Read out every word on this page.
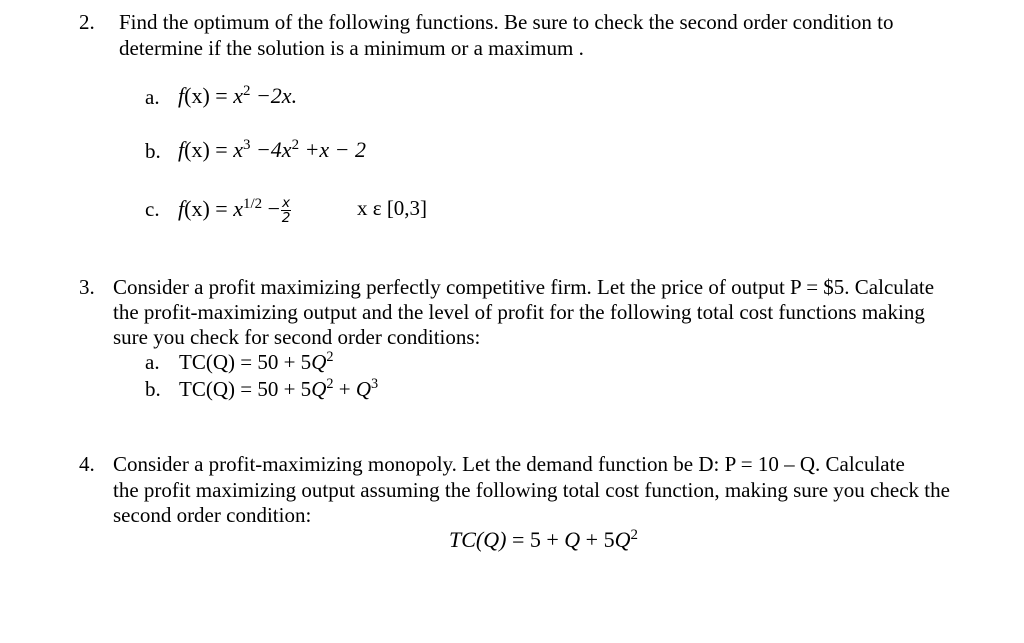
2. Find the optimum of the following functions. Be sure to check the second order condition to
determine if the solution is a minimum or a maximum .
a. $f(x) = x^2 -2x$.
b. $f(x) = x^3 -4x^2 +x - 2$
c. $f(x) = x^{1/2} - \frac{x}{2}$	x ε [0,3]
3. Consider a profit maximizing perfectly competitive firm. Let the price of output P = $5. Calculate
the profit-maximizing output and the level of profit for the following total cost functions making
sure you check for second order conditions:
a. $TC(Q) = 50 + 5Q^2$
b. $TC(Q) = 50 + 5Q^2 + Q^3$
4. Consider a profit-maximizing monopoly. Let the demand function be D: P = 10 – Q. Calculate
the profit maximizing output assuming the following total cost function, making sure you check the
second order condition:
$TC(Q) = 5 + Q + 5Q^2$
